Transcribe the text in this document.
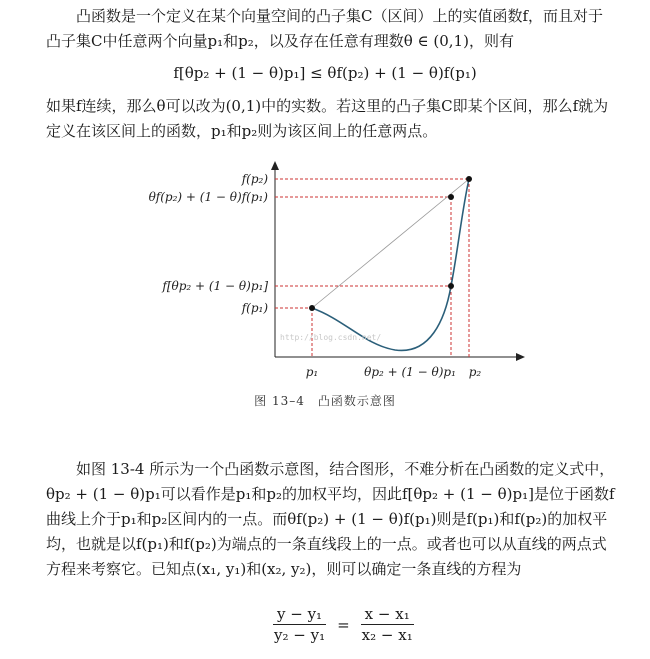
凸函数是一个定义在某个向量空间的凸子集C（区间）上的实值函数f，而且对于凸子集C中任意两个向量p₁和p₂，以及存在任意有理数θ ∈ (0,1)，则有
f[θp₂ + (1 − θ)p₁] ≤ θf(p₂) + (1 − θ)f(p₁)
如果f连续，那么θ可以改为(0,1)中的实数。若这里的凸子集C即某个区间，那么f就为定义在该区间上的函数，p₁和p₂则为该区间上的任意两点。
f(p₂)
θf(p₂) + (1 − θ)f(p₁)
f[θp₂ + (1 − θ)p₁]
f(p₁)
p₁	θp₂ + (1 − θ)p₁ p₂
http://blog.csdn.net/
图 13–4　凸函数示意图
如图 13-4 所示为一个凸函数示意图，结合图形，不难分析在凸函数的定义式中，θp₂ + (1 − θ)p₁可以看作是p₁和p₂的加权平均，因此f[θp₂ + (1 − θ)p₁]是位于函数f曲线上介于p₁和p₂区间内的一点。而θf(p₂) + (1 − θ)f(p₁)则是f(p₁)和f(p₂)的加权平均，也就是以f(p₁)和f(p₂)为端点的一条直线段上的一点。或者也可以从直线的两点式方程来考察它。已知点(x₁, y₁)和(x₂, y₂)，则可以确定一条直线的方程为
$\frac{\text{y − y₁}}{\text{y₂ − y₁}} = \frac{\text{x − x₁}}{\text{x₂ − x₁}}$
